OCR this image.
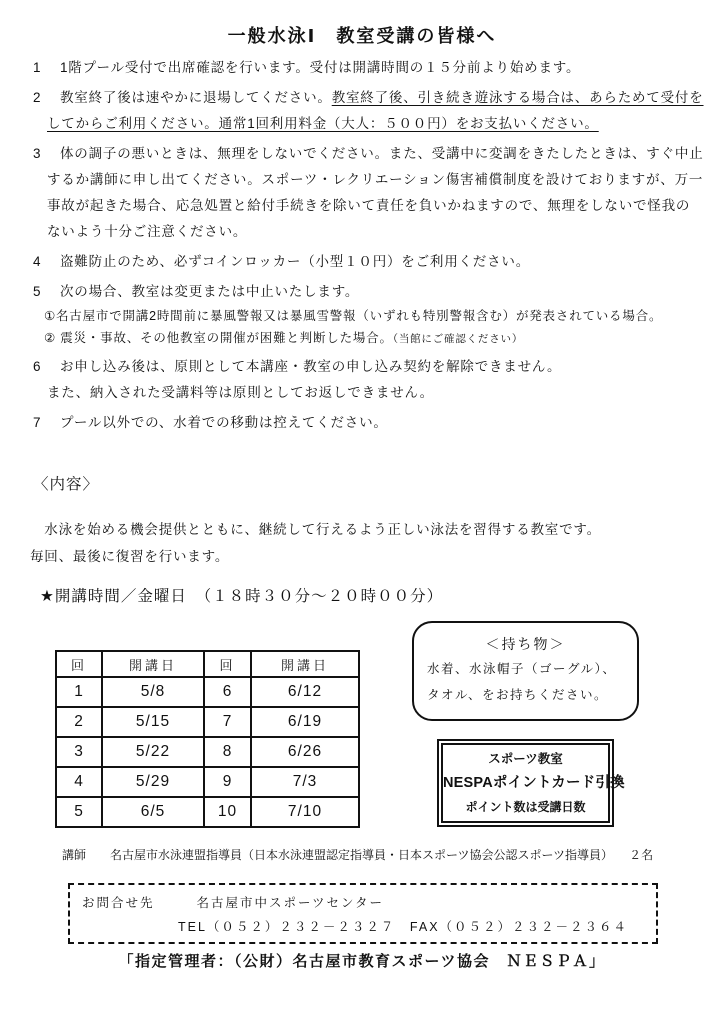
一般水泳Ⅰ　教室受講の皆様へ
1	1階プール受付で出席確認を行います。受付は開講時間の１５分前より始めます。
2	教室終了後は速やかに退場してください。教室終了後、引き続き遊泳する場合は、あらためて受付を
してからご利用ください。通常1回利用料金（大人：５００円）をお支払いください。
3	体の調子の悪いときは、無理をしないでください。また、受講中に変調をきたしたときは、すぐ中止
するか講師に申し出てください。スポーツ・レクリエーション傷害補償制度を設けておりますが、万一
事故が起きた場合、応急処置と給付手続きを除いて責任を負いかねますので、無理をしないで怪我の
ないよう十分ご注意ください。
4	盗難防止のため、必ずコインロッカー（小型１０円）をご利用ください。
5	次の場合、教室は変更または中止いたします。
①名古屋市で開講2時間前に暴風警報又は暴風雪警報（いずれも特別警報含む）が発表されている場合。
② 震災・事故、その他教室の開催が困難と判断した場合。（当館にご確認ください）
6	お申し込み後は、原則として本講座・教室の申し込み契約を解除できません。
また、納入された受講料等は原則としてお返しできません。
7	プール以外での、水着での移動は控えてください。
〈内容〉
　水泳を始める機会提供とともに、継続して行えるよう正しい泳法を習得する教室です。
毎回、最後に復習を行います。
★開講時間／金曜日　（１８時３０分～２０時００分）
回	開講日	回	開講日
1	5/8	6	6/12
2	5/15	7	6/19
3	5/22	8	6/26
4	5/29	9	7/3
5	6/5	10	7/10
＜持ち物＞
水着、水泳帽子（ゴーグル）、
タオル、をお持ちください。
スポーツ教室
NESPAポイントカード引換
ポイント数は受講日数
講師 名古屋市水泳連盟指導員（日本水泳連盟認定指導員・日本スポーツ協会公認スポーツ指導員） ２名
お問合せ先	名古屋市中スポーツセンター
TEL（０５２）２３２－２３２７　FAX（０５２）２３２－２３６４
「指定管理者：（公財）名古屋市教育スポーツ協会　ＮＥＳＰＡ」
